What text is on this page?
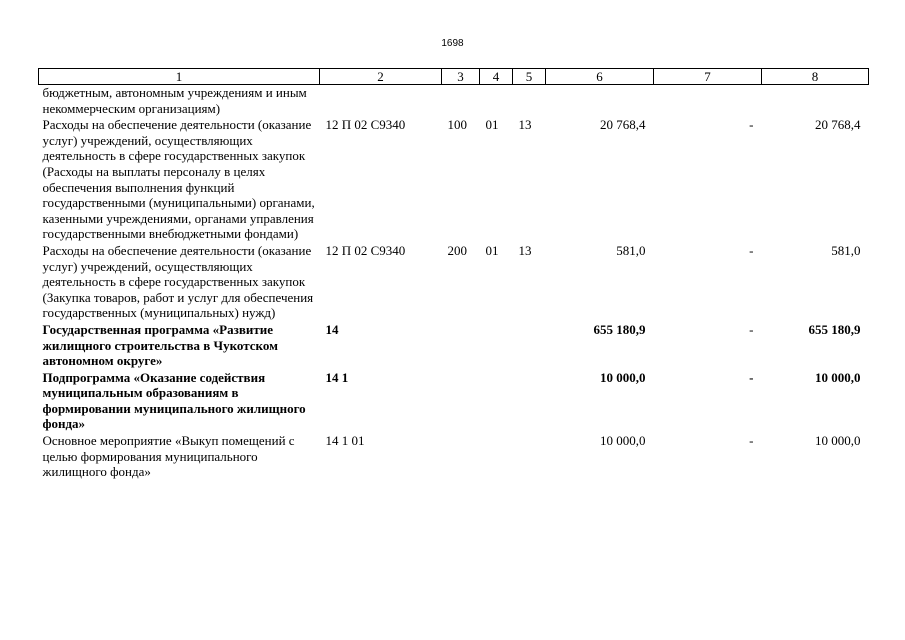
1698
1	2	3	4	5	6	7	8
бюджетным, автономным учреждениям и иным некоммерческим организациям)							
Расходы на обеспечение деятельности (оказание услуг) учреждений, осуществляющих деятельность в сфере государственных закупок (Расходы на выплаты персоналу в целях обеспечения выполнения функций государственными (муниципальными) органами, казенными учреждениями, органами управления государственными внебюджетными фондами)	12 П 02 С9340	100	01	13	20 768,4	-	20 768,4
Расходы на обеспечение деятельности (оказание услуг) учреждений, осуществляющих деятельность в сфере государственных закупок (Закупка товаров, работ и услуг для обеспечения государственных (муниципальных) нужд)	12 П 02 С9340	200	01	13	581,0	-	581,0
Государственная программа «Развитие жилищного строительства в Чукотском автономном округе»	14				655 180,9	-	655 180,9
Подпрограмма «Оказание содействия муниципальным образованиям в формировании муниципального жилищного фонда»	14 1				10 000,0	-	10 000,0
Основное мероприятие «Выкуп помещений с целью формирования муниципального жилищного фонда»	14 1 01				10 000,0	-	10 000,0
